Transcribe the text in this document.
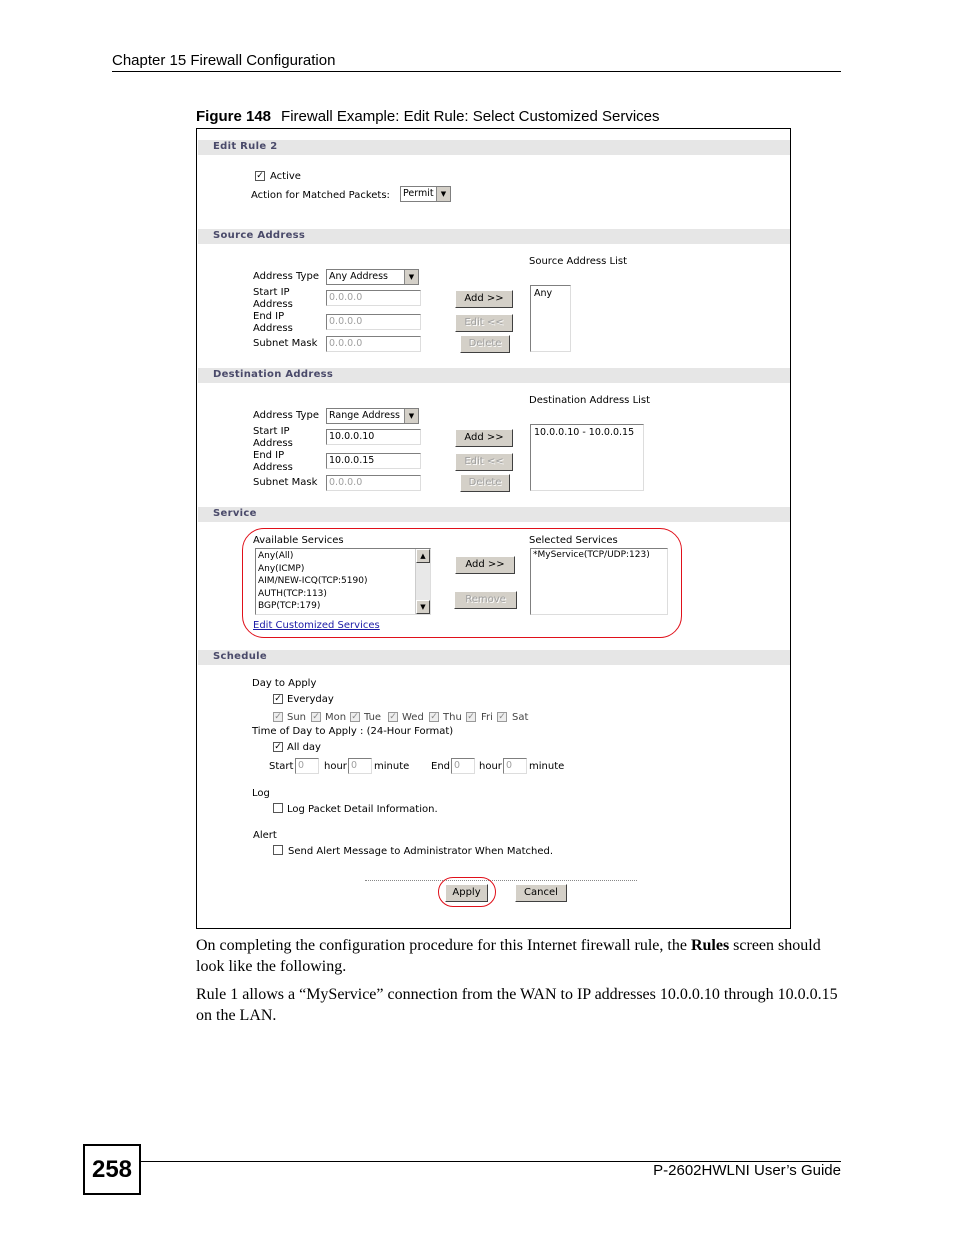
Chapter 15 Firewall Configuration
Figure 148 Firewall Example: Edit Rule: Select Customized Services
Edit Rule 2
✓ Active
Action for Matched Packets:	Permit	▼
Source Address
Source Address List
Address Type	Any Address	▼
Start IP Address
0.0.0.0
End IP Address
0.0.0.0
Subnet Mask	0.0.0.0
Add >>
Edit <<
Delete
Any
Destination Address
Destination Address List
Address Type	Range Address	▼
Start IP Address
10.0.0.10
End IP Address
10.0.0.15
Subnet Mask	0.0.0.0
Add >>
Edit <<
Delete
10.0.0.10 - 10.0.0.15
Service
Available Services	Selected Services
Any(All)
Any(ICMP)
AIM/NEW-ICQ(TCP:5190)
AUTH(TCP:113)
BGP(TCP:179)
▲
▼
Add >>
Remove
*MyService(TCP/UDP:123)
Edit Customized Services
Schedule
Day to Apply
✓ Everyday
✓ Sun ✓ Mon ✓ Tue ✓ Wed ✓ Thu ✓ Fri ✓ Sat
Time of Day to Apply : (24-Hour Format)
✓ All day
Start 0	hour 0	minute End 0	hour 0	minute
Log
Log Packet Detail Information.
Alert
Send Alert Message to Administrator When Matched.
Apply	Cancel
On completing the configuration procedure for this Internet firewall rule, the Rules screen should look like the following.
Rule 1 allows a “MyService” connection from the WAN to IP addresses 10.0.0.10 through 10.0.0.15 on the LAN.
258	P-2602HWLNI User’s Guide
